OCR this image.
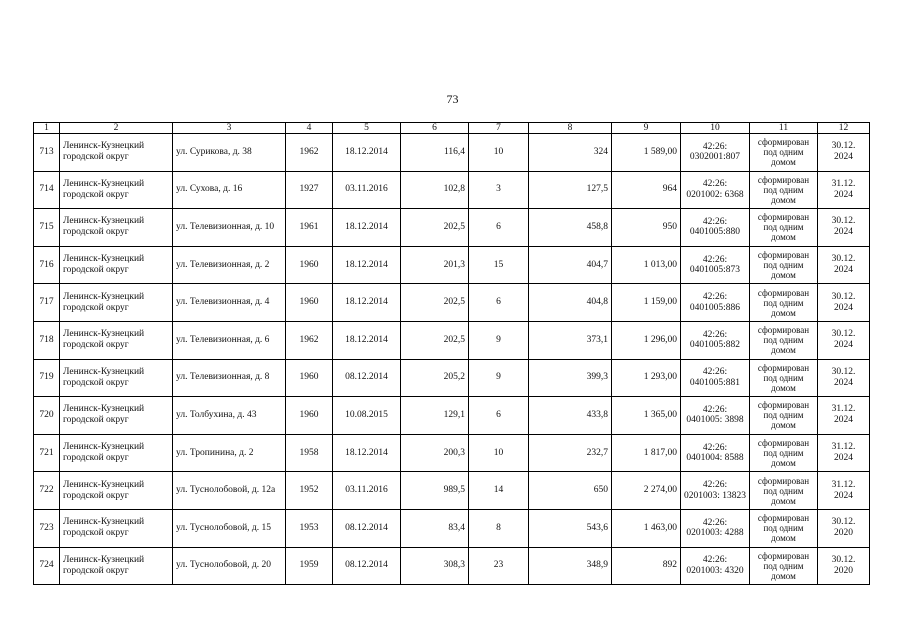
73
1	2	3	4	5	6	7	8	9	10	11	12
713	Ленинск-Кузнецкий городской округ	ул. Сурикова, д. 38	1962	18.12.2014	116,4	10	324	1 589,00	42:26: 0302001:807	сформирован под одним домом	30.12. 2024
714	Ленинск-Кузнецкий городской округ	ул. Сухова, д. 16	1927	03.11.2016	102,8	3	127,5	964	42:26: 0201002: 6368	сформирован под одним домом	31.12. 2024
715	Ленинск-Кузнецкий городской округ	ул. Телевизионная, д. 10	1961	18.12.2014	202,5	6	458,8	950	42:26: 0401005:880	сформирован под одним домом	30.12. 2024
716	Ленинск-Кузнецкий городской округ	ул. Телевизионная, д. 2	1960	18.12.2014	201,3	15	404,7	1 013,00	42:26: 0401005:873	сформирован под одним домом	30.12. 2024
717	Ленинск-Кузнецкий городской округ	ул. Телевизионная, д. 4	1960	18.12.2014	202,5	6	404,8	1 159,00	42:26: 0401005:886	сформирован под одним домом	30.12. 2024
718	Ленинск-Кузнецкий городской округ	ул. Телевизионная, д. 6	1962	18.12.2014	202,5	9	373,1	1 296,00	42:26: 0401005:882	сформирован под одним домом	30.12. 2024
719	Ленинск-Кузнецкий городской округ	ул. Телевизионная, д. 8	1960	08.12.2014	205,2	9	399,3	1 293,00	42:26: 0401005:881	сформирован под одним домом	30.12. 2024
720	Ленинск-Кузнецкий городской округ	ул. Толбухина, д. 43	1960	10.08.2015	129,1	6	433,8	1 365,00	42:26: 0401005: 3898	сформирован под одним домом	31.12. 2024
721	Ленинск-Кузнецкий городской округ	ул. Тропинина, д. 2	1958	18.12.2014	200,3	10	232,7	1 817,00	42:26: 0401004: 8588	сформирован под одним домом	31.12. 2024
722	Ленинск-Кузнецкий городской округ	ул. Туснолобовой, д. 12а	1952	03.11.2016	989,5	14	650	2 274,00	42:26: 0201003: 13823	сформирован под одним домом	31.12. 2024
723	Ленинск-Кузнецкий городской округ	ул. Туснолобовой, д. 15	1953	08.12.2014	83,4	8	543,6	1 463,00	42:26: 0201003: 4288	сформирован под одним домом	30.12. 2020
724	Ленинск-Кузнецкий городской округ	ул. Туснолобовой, д. 20	1959	08.12.2014	308,3	23	348,9	892	42:26: 0201003: 4320	сформирован под одним домом	30.12. 2020
